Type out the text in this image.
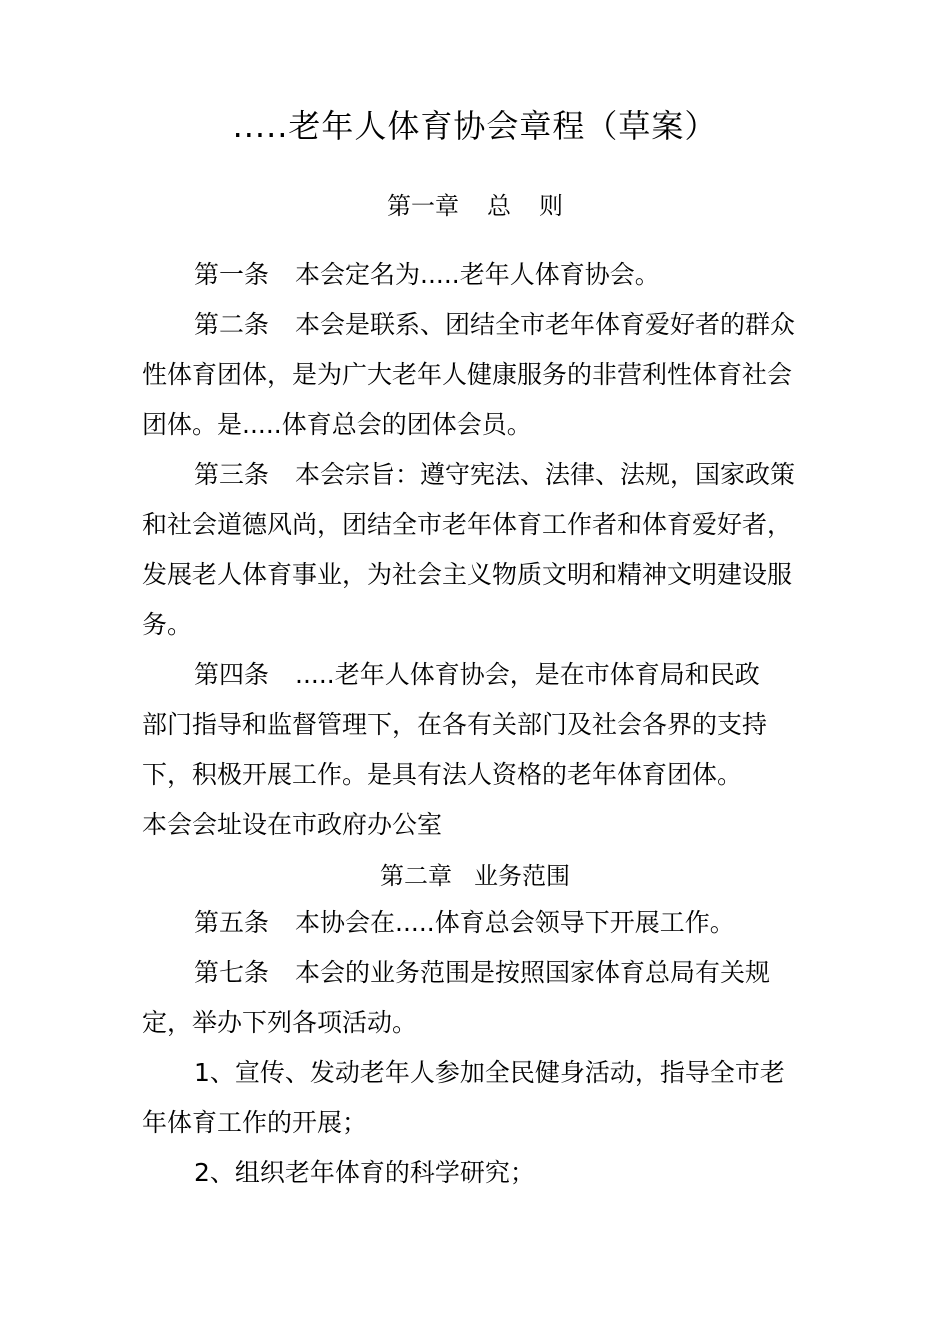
.....老年人体育协会章程（草案）
第一章 总 则
第一条 本会定名为.....老年人体育协会。
第二条 本会是联系、团结全市老年体育爱好者的群众
性体育团体，是为广大老年人健康服务的非营利性体育社会
团体。是.....体育总会的团体会员。
第三条 本会宗旨：遵守宪法、法律、法规，国家政策
和社会道德风尚，团结全市老年体育工作者和体育爱好者，
发展老人体育事业，为社会主义物质文明和精神文明建设服
务。
第四条 .....老年人体育协会，是在市体育局和民政
部门指导和监督管理下，在各有关部门及社会各界的支持
下，积极开展工作。是具有法人资格的老年体育团体。
本会会址设在市政府办公室
第二章 业务范围
第五条 本协会在.....体育总会领导下开展工作。
第七条 本会的业务范围是按照国家体育总局有关规
定，举办下列各项活动。
1、宣传、发动老年人参加全民健身活动，指导全市老
年体育工作的开展；
2、组织老年体育的科学研究；
